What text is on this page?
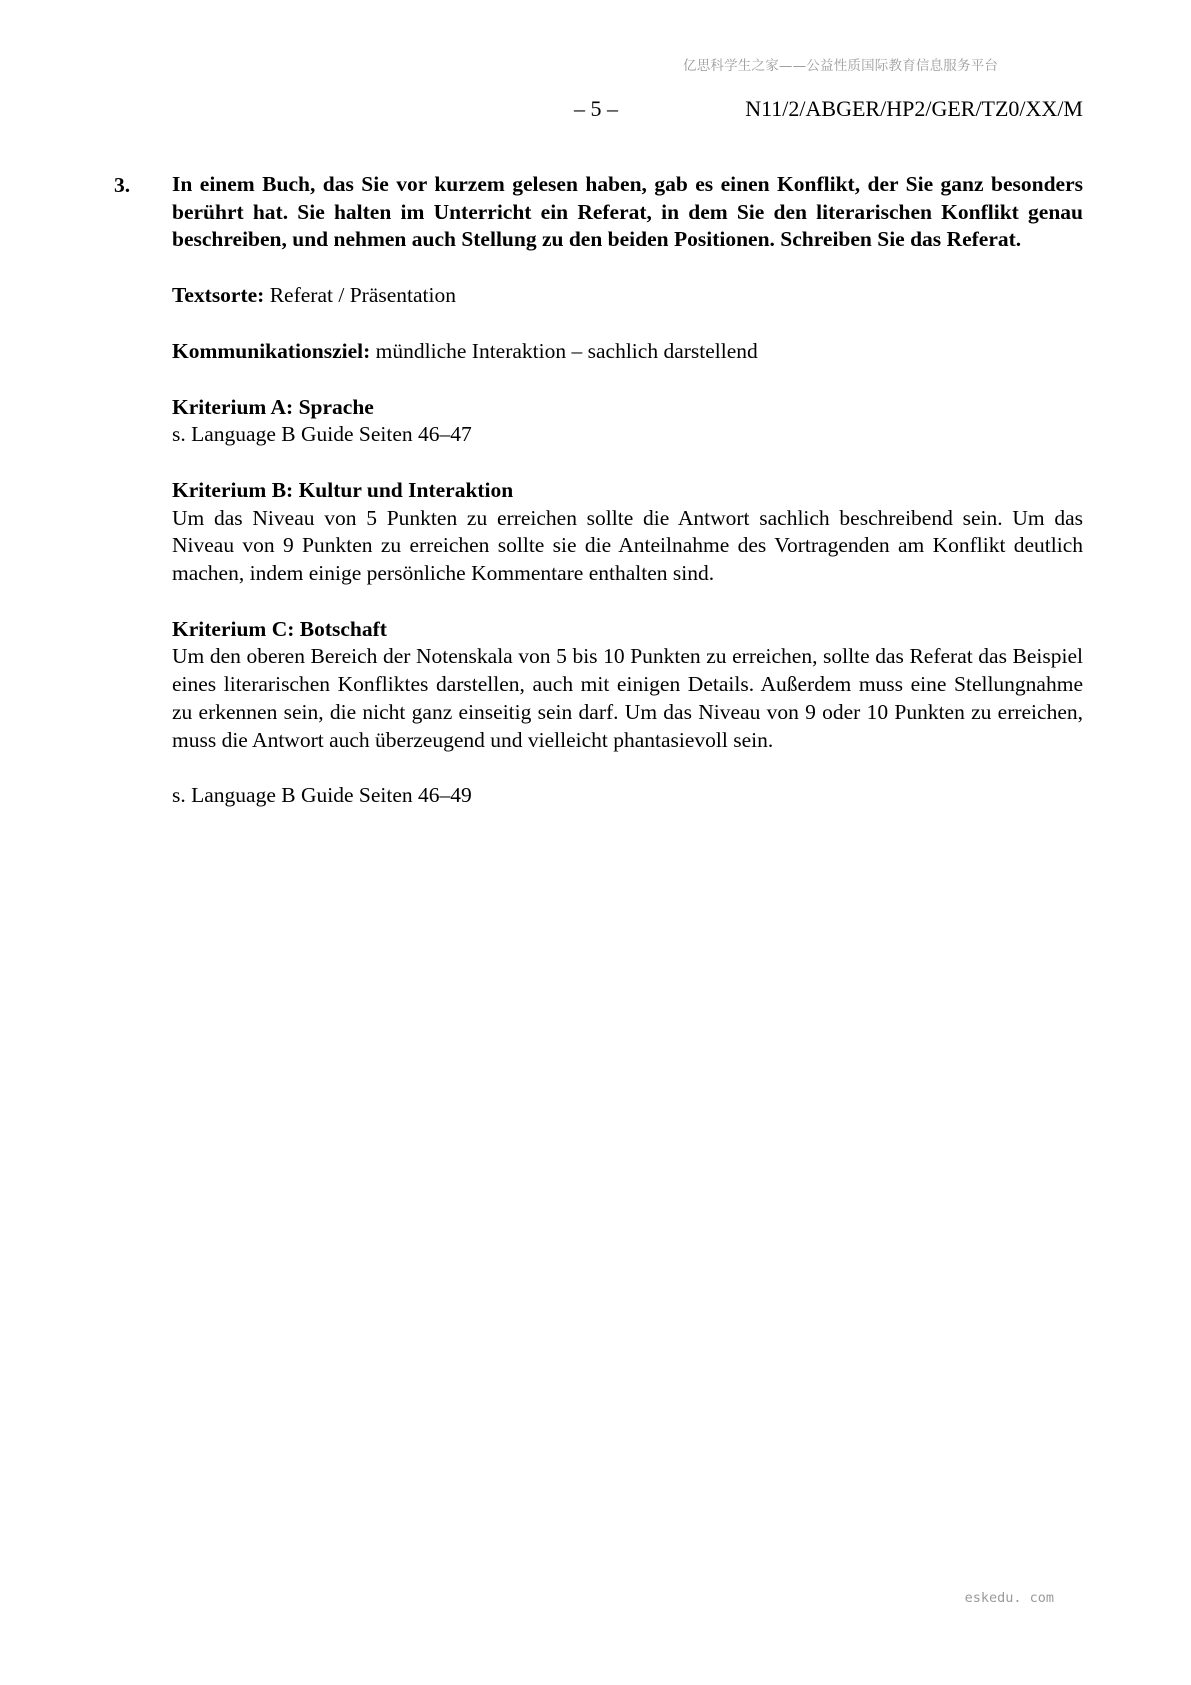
亿思科学生之家——公益性质国际教育信息服务平台
– 5 –	N11/2/ABGER/HP2/GER/TZ0/XX/M
3. In einem Buch, das Sie vor kurzem gelesen haben, gab es einen Konflikt, der Sie ganz besonders berührt hat. Sie halten im Unterricht ein Referat, in dem Sie den literarischen Konflikt genau beschreiben, und nehmen auch Stellung zu den beiden Positionen. Schreiben Sie das Referat.

Textsorte: Referat / Präsentation

Kommunikationsziel: mündliche Interaktion – sachlich darstellend

Kriterium A: Sprache

s. Language B Guide Seiten 46–47

Kriterium B: Kultur und Interaktion

Um das Niveau von 5 Punkten zu erreichen sollte die Antwort sachlich beschreibend sein. Um das Niveau von 9 Punkten zu erreichen sollte sie die Anteilnahme des Vortragenden am Konflikt deutlich machen, indem einige persönliche Kommentare enthalten sind.

Kriterium C: Botschaft

Um den oberen Bereich der Notenskala von 5 bis 10 Punkten zu erreichen, sollte das Referat das Beispiel eines literarischen Konfliktes darstellen, auch mit einigen Details. Außerdem muss eine Stellungnahme zu erkennen sein, die nicht ganz einseitig sein darf. Um das Niveau von 9 oder 10 Punkten zu erreichen, muss die Antwort auch überzeugend und vielleicht phantasievoll sein.

s. Language B Guide Seiten 46–49

eskedu. com
